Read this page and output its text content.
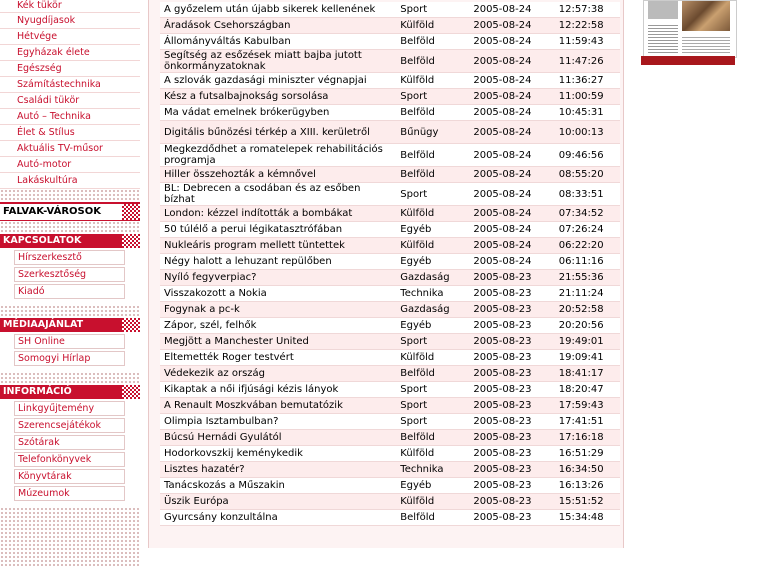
Kék tükör
Nyugdíjasok
Hétvége
Egyházak élete
Egészség
Számítástechnika
Családi tükör
Autó – Technika
Élet & Stílus
Aktuális TV-műsor
Autó-motor
Lakáskultúra
FALVAK-VÁROSOK
KAPCSOLATOK
Hírszerkesztő
Szerkesztőség
Kiadó
MÉDIAAJÁNLAT
SH Online
Somogyi Hírlap
INFORMÁCIÓ
Linkgyűjtemény
Szerencsejátékok
Szótárak
Telefonkönyvek
Könyvtárak
Múzeumok
A győzelem után újabb sikerek kellenének	Sport	2005-08-24	12:57:38
Áradások Csehországban	Külföld	2005-08-24	12:22:58
Állományváltás Kabulban	Belföld	2005-08-24	11:59:43
Segítség az esőzések miatt bajba jutott önkormányzatoknak	Belföld	2005-08-24	11:47:26
A szlovák gazdasági miniszter végnapjai	Külföld	2005-08-24	11:36:27
Kész a futsalbajnokság sorsolása	Sport	2005-08-24	11:00:59
Ma vádat emelnek brókerügyben	Belföld	2005-08-24	10:45:31
Digitális bűnözési térkép a XIII. kerületről	Bűnügy	2005-08-24	10:00:13
Megkezdődhet a romatelepek rehabilitációs programja	Belföld	2005-08-24	09:46:56
Hiller összehozták a kémnővel	Belföld	2005-08-24	08:55:20
BL: Debrecen a csodában és az esőben bízhat	Sport	2005-08-24	08:33:51
London: kézzel indították a bombákat	Külföld	2005-08-24	07:34:52
50 túlélő a perui légikatasztrófában	Egyéb	2005-08-24	07:26:24
Nukleáris program mellett tüntettek	Külföld	2005-08-24	06:22:20
Négy halott a lehuzant repülőben	Egyéb	2005-08-24	06:11:16
Nyíló fegyverpiac?	Gazdaság	2005-08-23	21:55:36
Visszakozott a Nokia	Technika	2005-08-23	21:11:24
Fogynak a pc-k	Gazdaság	2005-08-23	20:52:58
Zápor, szél, felhők	Egyéb	2005-08-23	20:20:56
Megjött a Manchester United	Sport	2005-08-23	19:49:01
Eltemették Roger testvért	Külföld	2005-08-23	19:09:41
Védekezik az ország	Belföld	2005-08-23	18:41:17
Kikaptak a női ifjúsági kézis lányok	Sport	2005-08-23	18:20:47
A Renault Moszkvában bemutatózik	Sport	2005-08-23	17:59:43
Olimpia Isztambulban?	Sport	2005-08-23	17:41:51
Búcsú Hernádi Gyulától	Belföld	2005-08-23	17:16:18
Hodorkovszkij keménykedik	Külföld	2005-08-23	16:51:29
Lisztes hazatér?	Technika	2005-08-23	16:34:50
Tanácskozás a Műszakin	Egyéb	2005-08-23	16:13:26
Üszik Európa	Külföld	2005-08-23	15:51:52
Gyurcsány konzultálna	Belföld	2005-08-23	15:34:48
